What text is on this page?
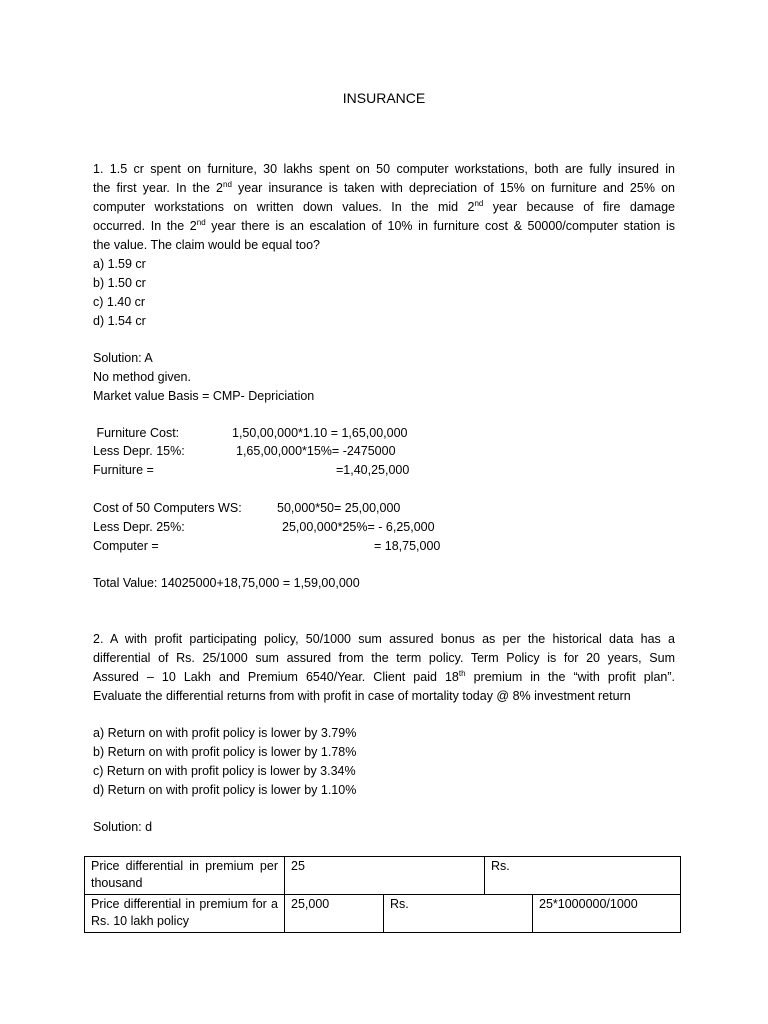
INSURANCE
1. 1.5 cr spent on furniture, 30 lakhs spent on 50 computer workstations, both are fully insured in
the first year. In the 2nd year insurance is taken with depreciation of 15% on furniture and 25% on
computer workstations on written down values. In the mid 2nd year because of fire damage
occurred. In the 2nd year there is an escalation of 10% in furniture cost & 50000/computer station is
the value. The claim would be equal too?
a) 1.59 cr
b) 1.50 cr
c) 1.40 cr
d) 1.54 cr
Solution: A
No method given.
Market value Basis = CMP- Depriciation
Furniture Cost:	1,50,00,000*1.10 = 1,65,00,000
Less Depr. 15%:	1,65,00,000*15%= -2475000
Furniture =	=1,40,25,000
Cost of 50 Computers WS:	50,000*50= 25,00,000
Less Depr. 25%:	25,00,000*25%= - 6,25,000
Computer =	= 18,75,000
Total Value: 14025000+18,75,000 = 1,59,00,000
2. A with profit participating policy, 50/1000 sum assured bonus as per the historical data has a
differential of Rs. 25/1000 sum assured from the term policy. Term Policy is for 20 years, Sum
Assured – 10 Lakh and Premium 6540/Year. Client paid 18th premium in the “with profit plan”.
Evaluate the differential returns from with profit in case of mortality today @ 8% investment return
a) Return on with profit policy is lower by 3.79%
b) Return on with profit policy is lower by 1.78%
c) Return on with profit policy is lower by 3.34%
d) Return on with profit policy is lower by 1.10%
Solution: d
Price differential in premium per thousand	25		Rs.	
Price differential in premium for a Rs. 10 lakh policy	25,000	Rs.		25*1000000/1000
